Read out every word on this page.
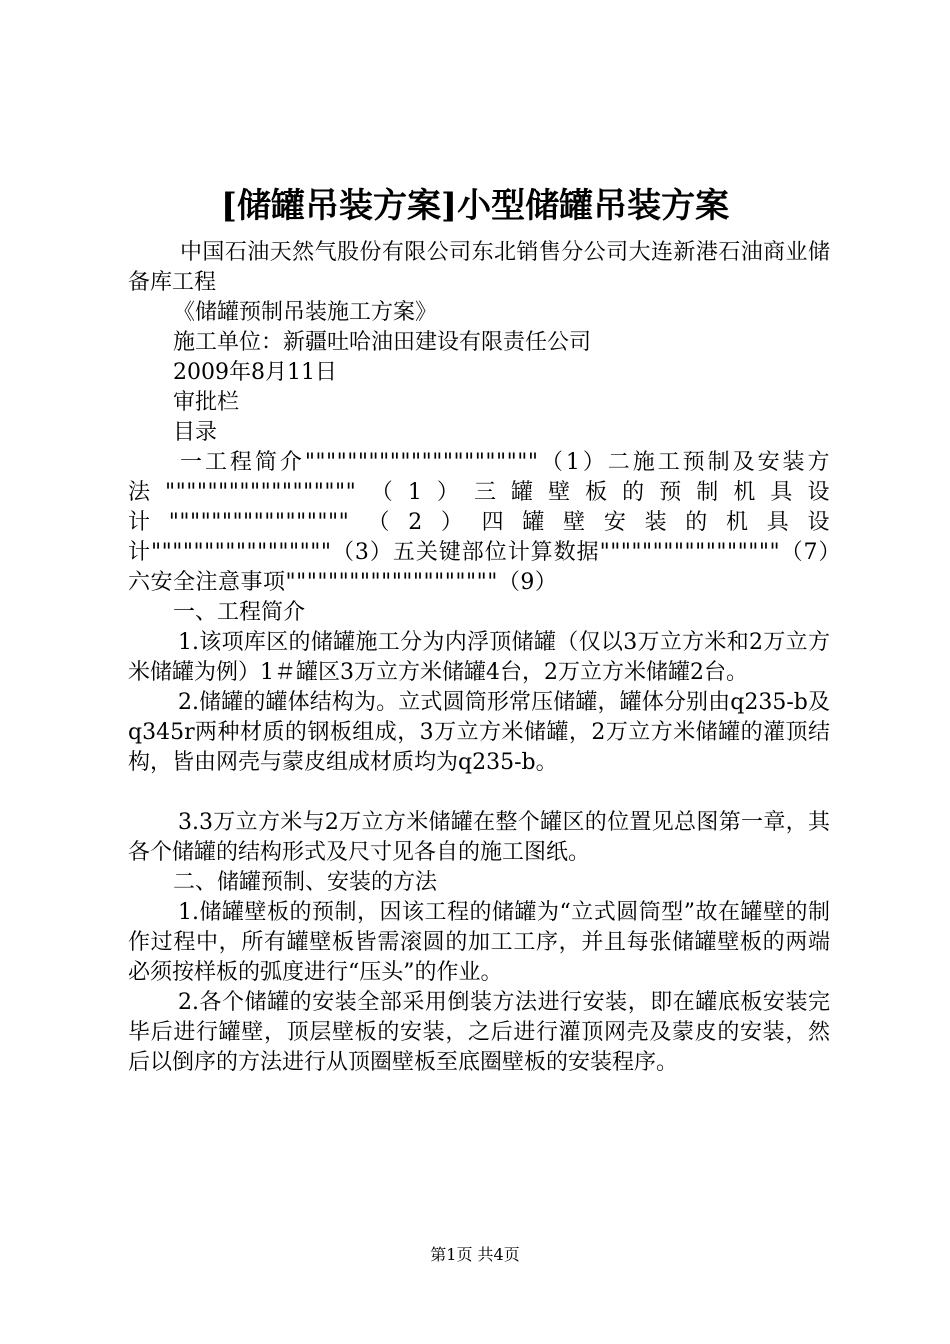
[储罐吊装方案]小型储罐吊装方案

中国石油天然气股份有限公司东北销售分公司大连新港石油商业储备库工程

《储罐预制吊装施工方案》

施工单位：新疆吐哈油田建设有限责任公司

2009年8月11日

审批栏

目录

一工程简介""""""""""""""""""""""（1）二施工预制及安装方法""""""""""""""""""（1）三罐壁板的预制机具设计"""""""""""""""""（2）四罐壁安装的机具设计"""""""""""""""""（3）五关键部位计算数据"""""""""""""""""（7）六安全注意事项""""""""""""""""""""（9）

一、工程简介

1.该项库区的储罐施工分为内浮顶储罐（仅以3万立方米和2万立方米储罐为例）1＃罐区3万立方米储罐4台，2万立方米储罐2台。

2.储罐的罐体结构为。立式圆筒形常压储罐，罐体分别由q235-b及q345r两种材质的钢板组成，3万立方米储罐，2万立方米储罐的灌顶结构，皆由网壳与蒙皮组成材质均为q235-b。

3.3万立方米与2万立方米储罐在整个罐区的位置见总图第一章，其各个储罐的结构形式及尺寸见各自的施工图纸。

二、储罐预制、安装的方法

1.储罐壁板的预制，因该工程的储罐为“立式圆筒型”故在罐壁的制作过程中，所有罐壁板皆需滚圆的加工工序，并且每张储罐壁板的两端必须按样板的弧度进行“压头”的作业。

2.各个储罐的安装全部采用倒装方法进行安装，即在罐底板安装完毕后进行罐壁，顶层壁板的安装，之后进行灌顶网壳及蒙皮的安装，然后以倒序的方法进行从顶圈壁板至底圈壁板的安装程序。

第1页 共4页
